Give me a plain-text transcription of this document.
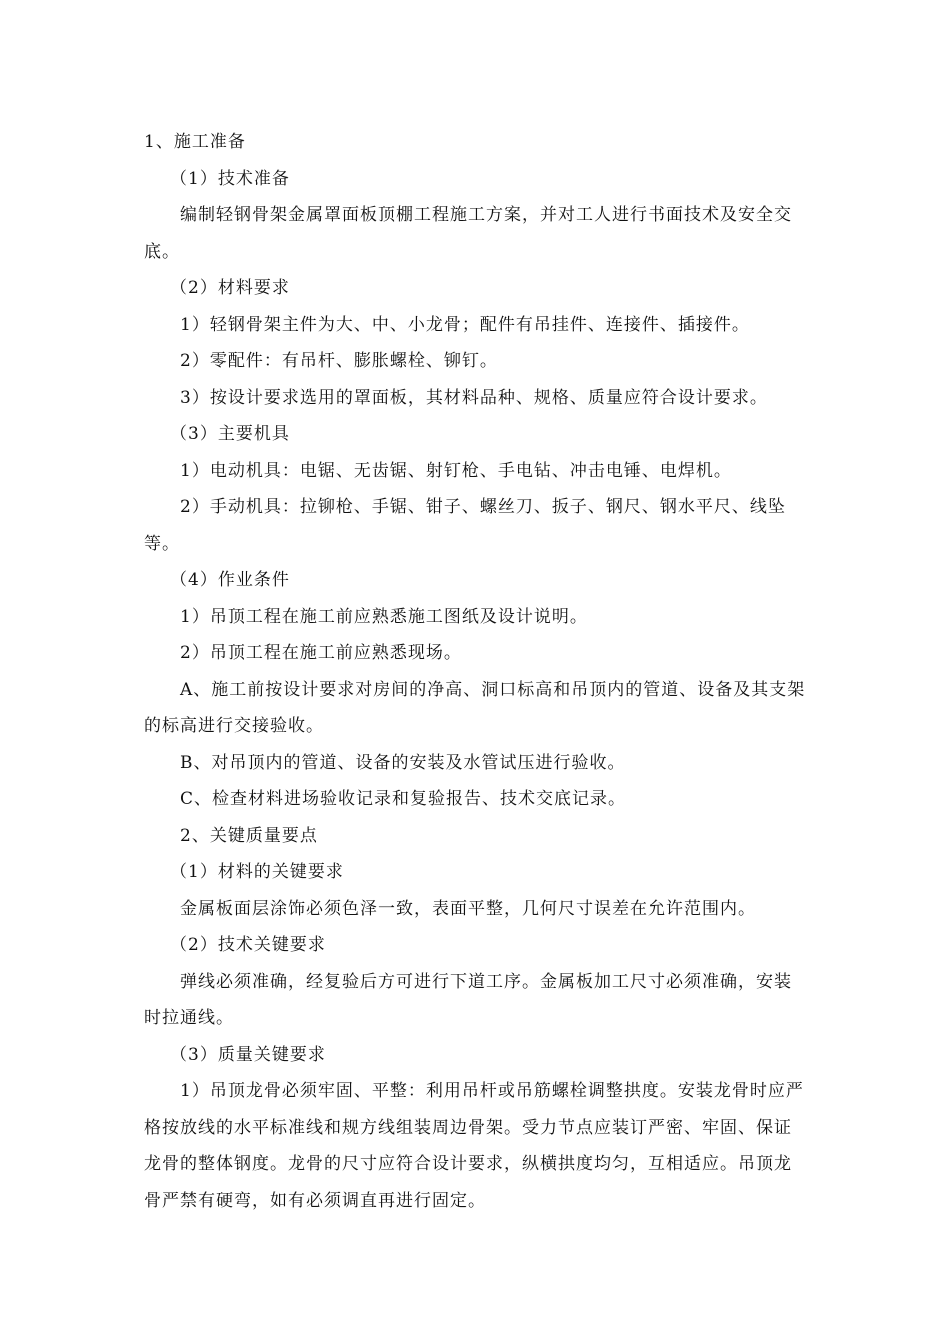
1、施工准备

（1）技术准备

编制轻钢骨架金属罩面板顶棚工程施工方案，并对工人进行书面技术及安全交底。

（2）材料要求

1）轻钢骨架主件为大、中、小龙骨；配件有吊挂件、连接件、插接件。

2）零配件：有吊杆、膨胀螺栓、铆钉。

3）按设计要求选用的罩面板，其材料品种、规格、质量应符合设计要求。

（3）主要机具

1）电动机具：电锯、无齿锯、射钉枪、手电钻、冲击电锤、电焊机。

2）手动机具：拉铆枪、手锯、钳子、螺丝刀、扳子、钢尺、钢水平尺、线坠等。

（4）作业条件

1）吊顶工程在施工前应熟悉施工图纸及设计说明。

2）吊顶工程在施工前应熟悉现场。

A、施工前按设计要求对房间的净高、洞口标高和吊顶内的管道、设备及其支架的标高进行交接验收。

B、对吊顶内的管道、设备的安装及水管试压进行验收。

C、检查材料进场验收记录和复验报告、技术交底记录。

2、关键质量要点

（1）材料的关键要求

金属板面层涂饰必须色泽一致，表面平整，几何尺寸误差在允许范围内。

（2）技术关键要求

弹线必须准确，经复验后方可进行下道工序。金属板加工尺寸必须准确，安装时拉通线。

（3）质量关键要求

1）吊顶龙骨必须牢固、平整：利用吊杆或吊筋螺栓调整拱度。安装龙骨时应严格按放线的水平标准线和规方线组装周边骨架。受力节点应装订严密、牢固、保证龙骨的整体钢度。龙骨的尺寸应符合设计要求，纵横拱度均匀，互相适应。吊顶龙骨严禁有硬弯，如有必须调直再进行固定。
